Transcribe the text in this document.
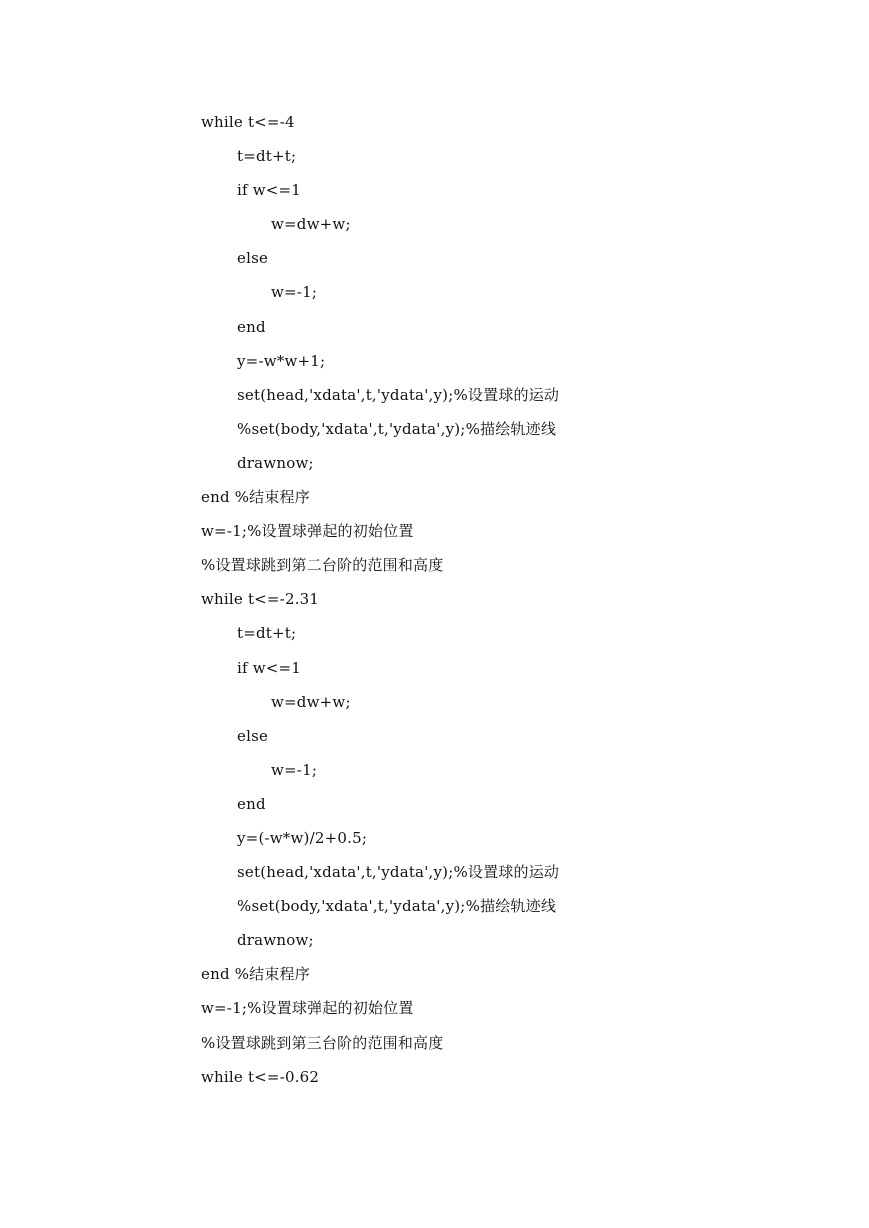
while t<=-4
t=dt+t;
if w<=1
w=dw+w;
else
w=-1;
end
y=-w*w+1;
set(head,'xdata',t,'ydata',y);%设置球的运动
%set(body,'xdata',t,'ydata',y);%描绘轨迹线
drawnow;
end %结束程序
w=-1;%设置球弹起的初始位置
%设置球跳到第二台阶的范围和高度
while t<=-2.31
t=dt+t;
if w<=1
w=dw+w;
else
w=-1;
end
y=(-w*w)/2+0.5;
set(head,'xdata',t,'ydata',y);%设置球的运动
%set(body,'xdata',t,'ydata',y);%描绘轨迹线
drawnow;
end %结束程序
w=-1;%设置球弹起的初始位置
%设置球跳到第三台阶的范围和高度
while t<=-0.62
